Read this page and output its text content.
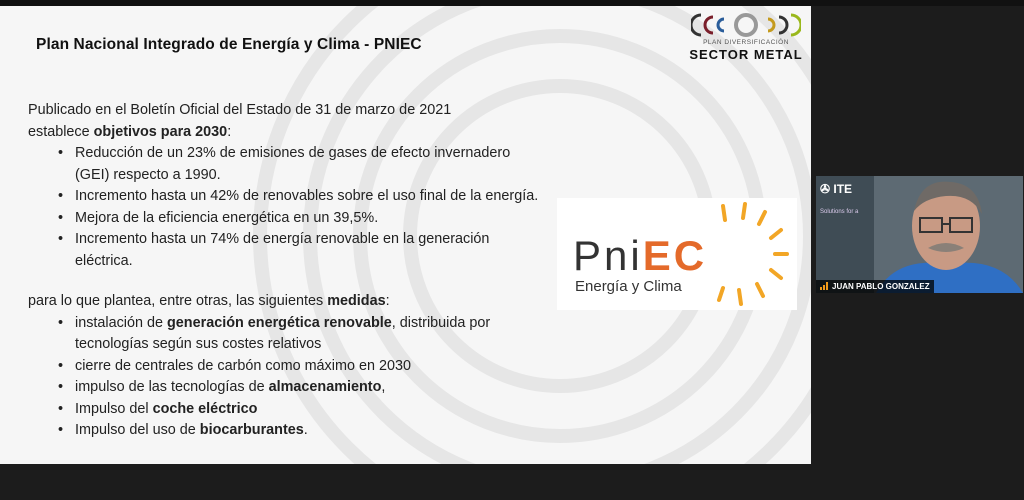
Plan Nacional Integrado de Energía y Clima - PNIEC	PLAN DIVERSIFICACIÓN
SECTOR METAL

Publicado en el Boletín Oficial del Estado de 31 de marzo de 2021

establece objetivos para 2030:

• Reducción de un 23% de emisiones de gases de efecto invernadero (GEI) respecto a 1990.
• Incremento hasta un 42% de renovables sobre el uso final de la energía.
• Mejora de la eficiencia energética en un 39,5%.
• Incremento hasta un 74% de energía renovable en la generación eléctrica.

para lo que plantea, entre otras, las siguientes medidas:

• instalación de generación energética renovable, distribuida por tecnologías según sus costes relativos
• cierre de centrales de carbón como máximo en 2030
• impulso de las tecnologías de almacenamiento,
• Impulso del coche eléctrico
• Impulso del uso de biocarburantes.
PniEC
Energía y Clima
✇ ITE
Solutions for a
JUAN PABLO GONZALEZ
